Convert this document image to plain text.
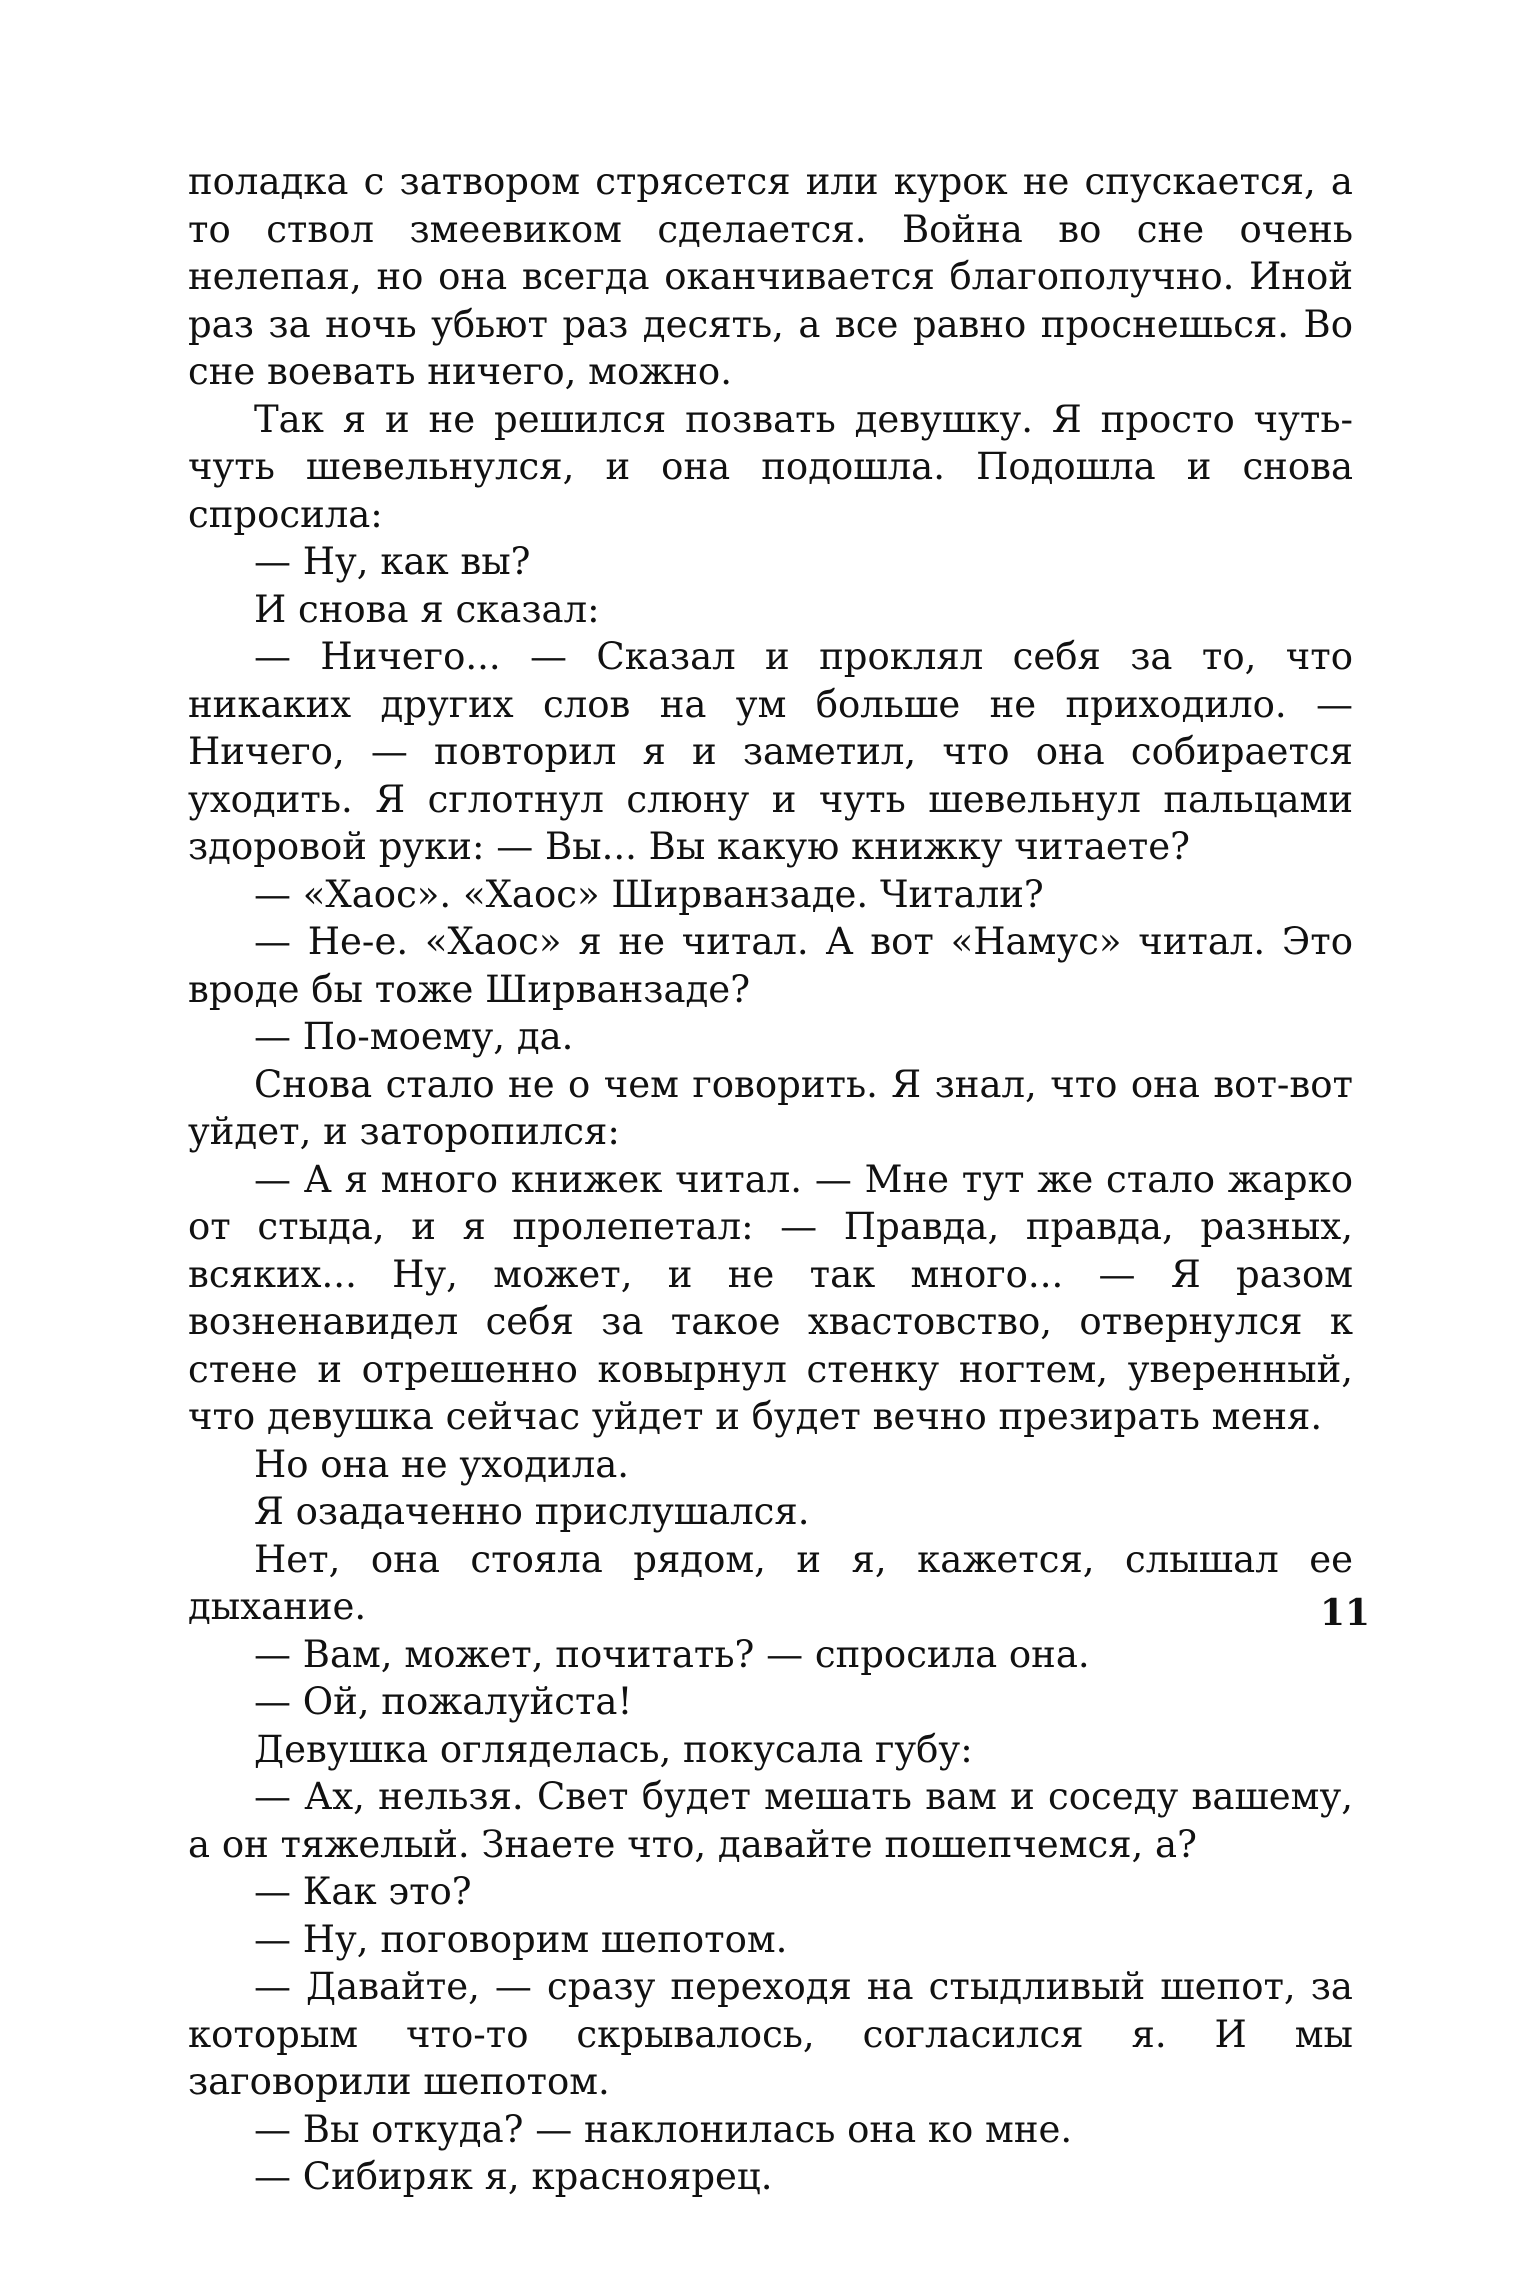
поладка с затвором стрясется или курок не спускается, а то ствол змеевиком сделается. Война во сне очень нелепая, но она всегда оканчивается благополучно. Иной раз за ночь убьют раз десять, а все равно проснешься. Во сне воевать ничего, можно.

Так я и не решился позвать девушку. Я просто чуть-чуть шевельнулся, и она подошла. Подошла и снова спросила:

— Ну, как вы?

И снова я сказал:

— Ничего... — Сказал и проклял себя за то, что никаких других слов на ум больше не приходило. — Ничего, — повторил я и заметил, что она собирается уходить. Я сглотнул слюну и чуть шевельнул пальцами здоровой руки: — Вы... Вы какую книжку читаете?

— «Хаос». «Хаос» Ширванзаде. Читали?

— Не-е. «Хаос» я не читал. А вот «Намус» читал. Это вроде бы тоже Ширванзаде?

— По-моему, да.

Снова стало не о чем говорить. Я знал, что она вот-вот уйдет, и заторопился:

— А я много книжек читал. — Мне тут же стало жарко от стыда, и я пролепетал: — Правда, правда, разных, всяких... Ну, может, и не так много... — Я разом возненавидел себя за такое хвастовство, отвернулся к стене и отрешенно ковырнул стенку ногтем, уверенный, что девушка сейчас уйдет и будет вечно презирать меня.

Но она не уходила.

Я озадаченно прислушался.

Нет, она стояла рядом, и я, кажется, слышал ее дыхание.

— Вам, может, почитать? — спросила она.

— Ой, пожалуйста!

Девушка огляделась, покусала губу:

— Ах, нельзя. Свет будет мешать вам и соседу вашему, а он тяжелый. Знаете что, давайте пошепчемся, а?

— Как это?

— Ну, поговорим шепотом.

— Давайте, — сразу переходя на стыдливый шепот, за которым что-то скрывалось, согласился я. И мы заговорили шепотом.

— Вы откуда? — наклонилась она ко мне.

— Сибиряк я, красноярец.

11
